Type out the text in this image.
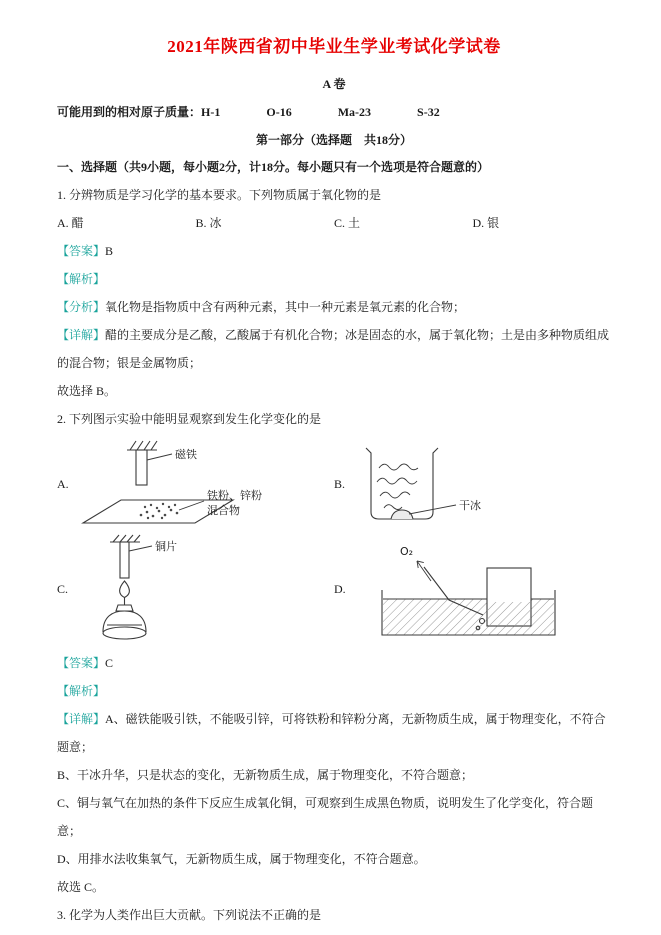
2021年陕西省初中毕业生学业考试化学试卷

A 卷

可能用到的相对原子质量：H-1	O-16	Ma-23	S-32

第一部分（选择题　共18分）

一、选择题（共9小题，每小题2分，计18分。每小题只有一个选项是符合题意的）

1. 分辨物质是学习化学的基本要求。下列物质属于氧化物的是

A. 醋	B. 冰	C. 土	D. 银

【答案】B

【解析】

【分析】氧化物是指物质中含有两种元素，其中一种元素是氧元素的化合物；

【详解】醋的主要成分是乙酸，乙酸属于有机化合物；冰是固态的水，属于氧化物；土是由多种物质组成的混合物；银是金属物质；

故选择 B。

2. 下列图示实验中能明显观察到发生化学变化的是

A.
磁铁
铁粉、锌粉
混合物
B.
干冰
C.
铜片
D.
O₂

【答案】C

【解析】

【详解】A、磁铁能吸引铁，不能吸引锌，可将铁粉和锌粉分离，无新物质生成，属于物理变化，不符合题意；

B、干冰升华，只是状态的变化，无新物质生成，属于物理变化，不符合题意；

C、铜与氧气在加热的条件下反应生成氧化铜，可观察到生成黑色物质，说明发生了化学变化，符合题意；

D、用排水法收集氧气，无新物质生成，属于物理变化，不符合题意。

故选 C。

3. 化学为人类作出巨大贡献。下列说法不正确的是
